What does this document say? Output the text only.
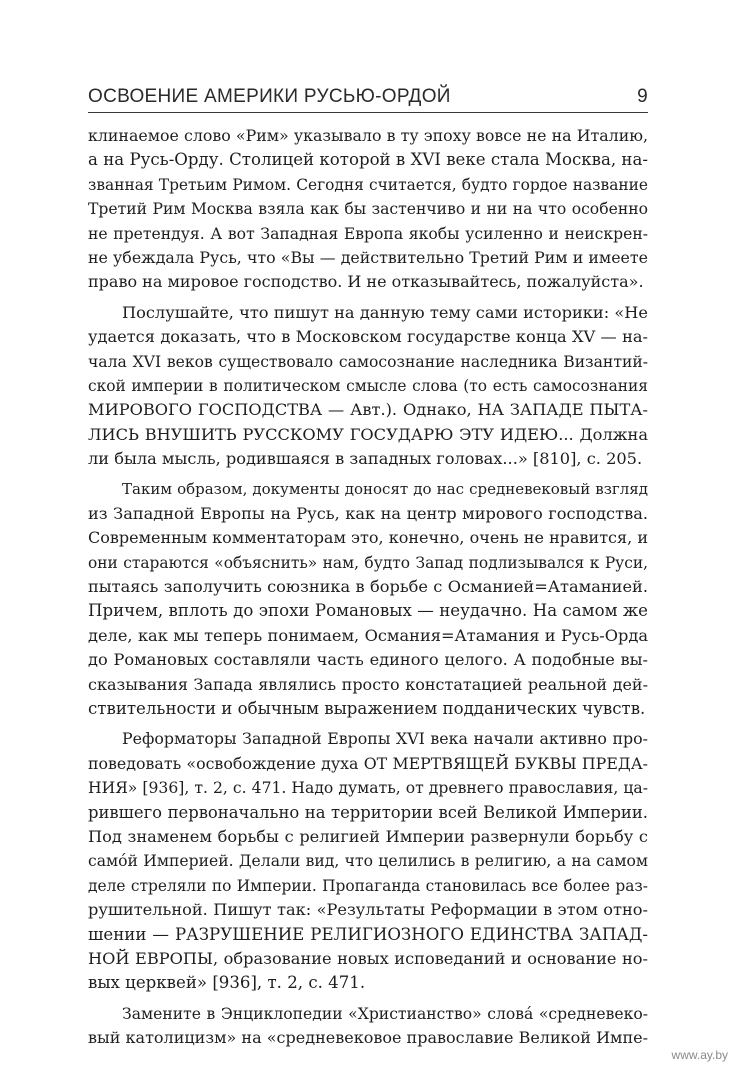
ОСВОЕНИЕ АМЕРИКИ РУСЬЮ-ОРДОЙ	9
клинаемое слово «Рим» указывало в ту эпоху вовсе не на Италию,
а на Русь-Орду. Столицей которой в XVI веке стала Москва, на-
званная Третьим Римом. Сегодня считается, будто гордое название
Третий Рим Москва взяла как бы застенчиво и ни на что особенно
не претендуя. А вот Западная Европа якобы усиленно и неискрен-
не убеждала Русь, что «Вы — действительно Третий Рим и имеете
право на мировое господство. И не отказывайтесь, пожалуйста».
Послушайте, что пишут на данную тему сами историки: «Не
удается доказать, что в Московском государстве конца XV — на-
чала XVI веков существовало самосознание наследника Византий-
ской империи в политическом смысле слова (то есть самосознания
МИРОВОГО ГОСПОДСТВА — Авт.). Однако, НА ЗАПАДЕ ПЫТА-
ЛИСЬ ВНУШИТЬ РУССКОМУ ГОСУДАРЮ ЭТУ ИДЕЮ... Должна
ли была мысль, родившаяся в западных головах...» [810], с. 205.
Таким образом, документы доносят до нас средневековый взгляд
из Западной Европы на Русь, как на центр мирового господства.
Современным комментаторам это, конечно, очень не нравится, и
они стараются «объяснить» нам, будто Запад подлизывался к Руси,
пытаясь заполучить союзника в борьбе с Османией=Атаманией.
Причем, вплоть до эпохи Романовых — неудачно. На самом же
деле, как мы теперь понимаем, Османия=Атамания и Русь-Орда
до Романовых составляли часть единого целого. А подобные вы-
сказывания Запада являлись просто констатацией реальной дей-
ствительности и обычным выражением подданических чувств.
Реформаторы Западной Европы XVI века начали активно про-
поведовать «освобождение духа ОТ МЕРТВЯЩЕЙ БУКВЫ ПРЕДА-
НИЯ» [936], т. 2, с. 471. Надо думать, от древнего православия, ца-
рившего первоначально на территории всей Великой Империи.
Под знаменем борьбы с религией Империи развернули борьбу с
самóй Империей. Делали вид, что целились в религию, а на самом
деле стреляли по Империи. Пропаганда становилась все более раз-
рушительной. Пишут так: «Результаты Реформации в этом отно-
шении — РАЗРУШЕНИЕ РЕЛИГИОЗНОГО ЕДИНСТВА ЗАПАД-
НОЙ ЕВРОПЫ, образование новых исповеданий и основание но-
вых церквей» [936], т. 2, с. 471.
Замените в Энциклопедии «Христианство» словá «средневеко-
вый католицизм» на «средневековое православие Великой Импе-
www.ay.by
